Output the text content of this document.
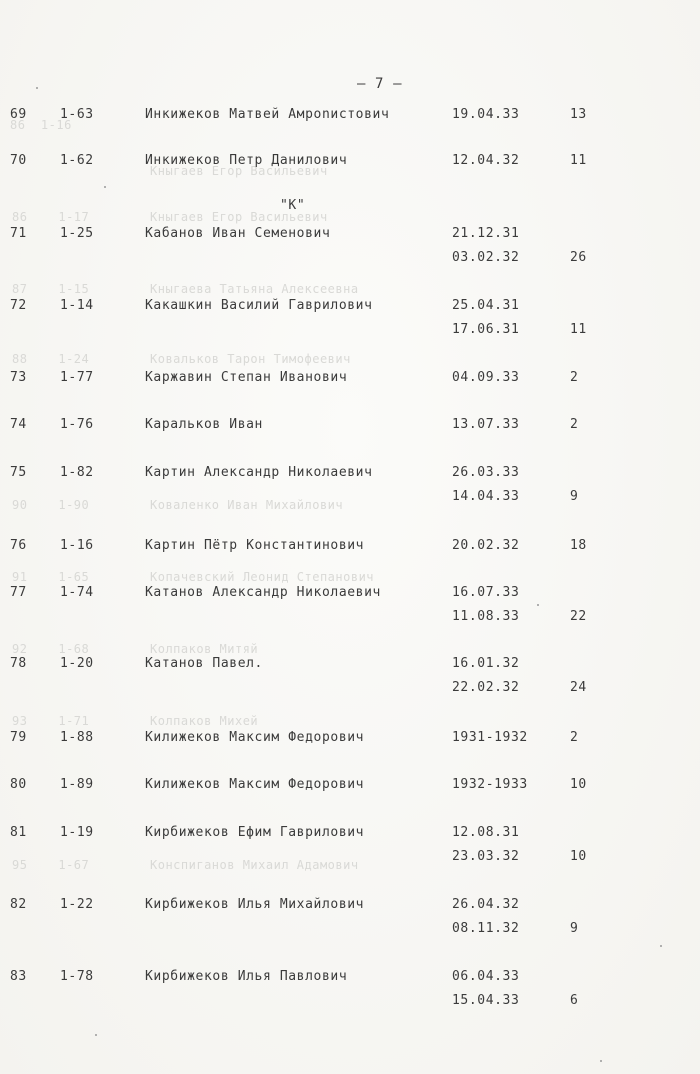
86  1-16
Кныгаев Егор Васильевич
86    1-17	Кныгаев Егор Васильевич
87    1-15	Кныгаева Татьяна Алексеевна
88    1-24	Ковальков Тарон Тимофеевич
90    1-90	Коваленко Иван Михайлович
91    1-65	Копачевский Леонид Степанович
92    1-68	Колпаков Митяй
93    1-71	Колпаков Михей
95    1-67	Конспиганов Михаил Адамович
– 7 –
"К"
69	1-63	Инкижеков Матвей Амponистович	19.04.33	13
70	1-62	Инкижеков Петр Данилович	12.04.32	11
71	1-25	Кабанов Иван Семенович	21.12.31
03.02.32	26
72	1-14	Какашкин Василий Гаврилович	25.04.31
17.06.31	11
73	1-77	Каржавин Степан Иванович	04.09.33	2
74	1-76	Каральков Иван	13.07.33	2
75	1-82	Картин Александр Николаевич	26.03.33
14.04.33	9
76	1-16	Картин Пётр Константинович	20.02.32	18
77	1-74	Катанов Александр Николаевич	16.07.33
11.08.33	22
78	1-20	Катанов Павел.	16.01.32
22.02.32	24
79	1-88	Килижеков Максим Федорович	1931-1932	2
80	1-89	Килижеков Максим Федорович	1932-1933	10
81	1-19	Кирбижеков Ефим Гаврилович	12.08.31
23.03.32	10
82	1-22	Кирбижеков Илья Михайлович	26.04.32
08.11.32	9
83	1-78	Кирбижеков Илья Павлович	06.04.33
15.04.33	6
